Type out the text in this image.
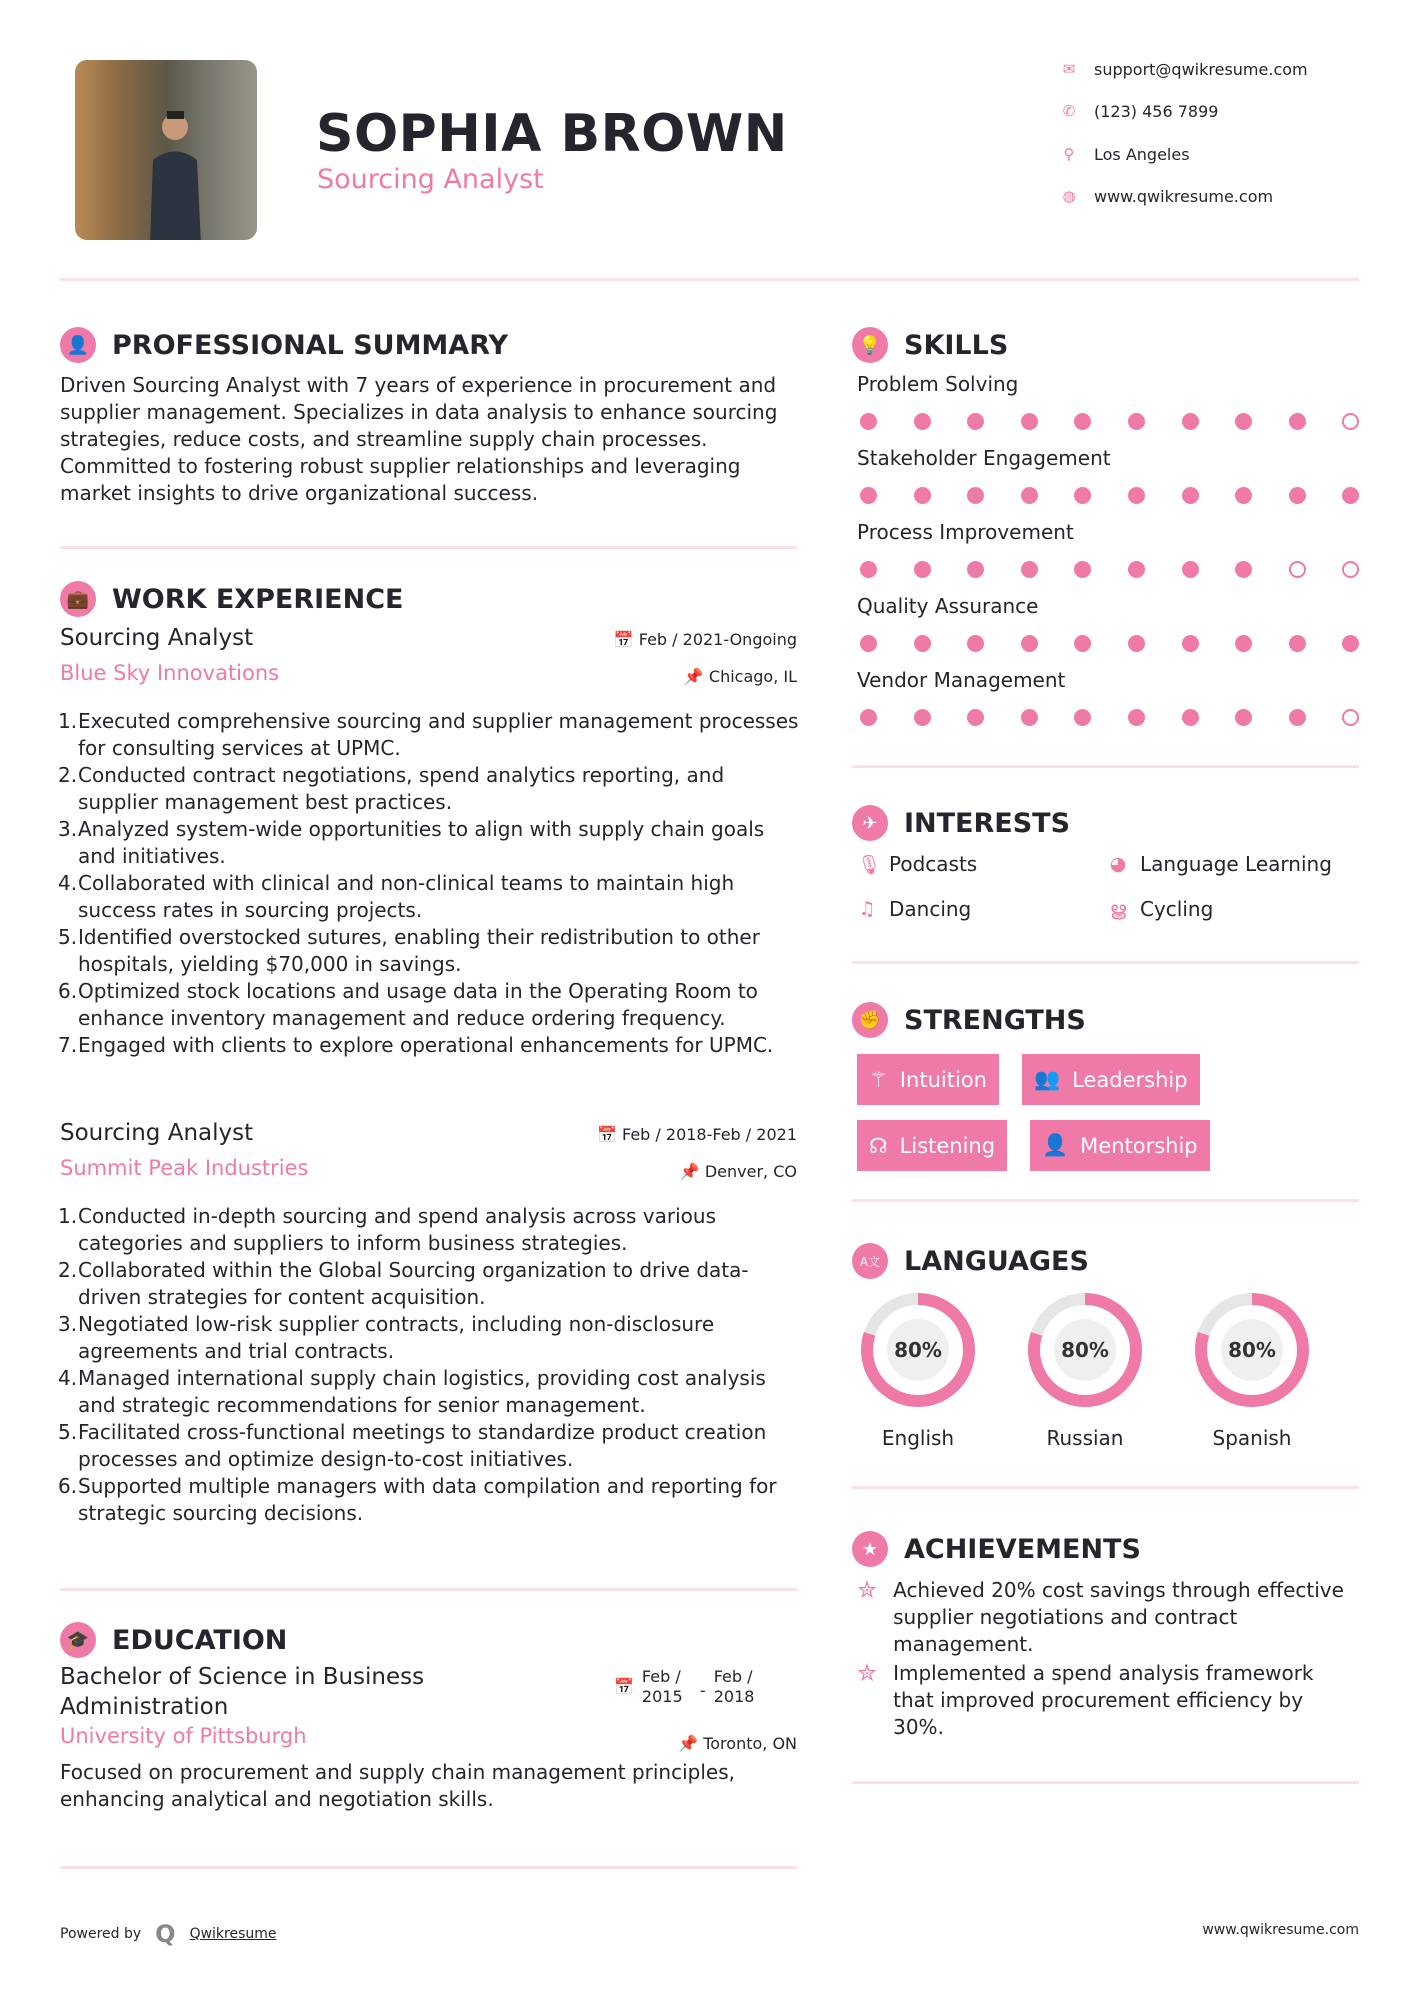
SOPHIA BROWN
Sourcing Analyst
✉ support@qwikresume.com
✆ (123) 456 7899
⚲	Los Angeles
◍ www.qwikresume.com
👤 PROFESSIONAL SUMMARY
Driven Sourcing Analyst with 7 years of experience in procurement and supplier management. Specializes in data analysis to enhance sourcing strategies, reduce costs, and streamline supply chain processes. Committed to fostering robust supplier relationships and leveraging market insights to drive organizational success.
💼 WORK EXPERIENCE
Sourcing Analyst	📅 Feb / 2021-Ongoing
Blue Sky Innovations	📌 Chicago, IL
1. Executed comprehensive sourcing and supplier management processes for consulting services at UPMC.
2. Conducted contract negotiations, spend analytics reporting, and supplier management best practices.
3. Analyzed system-wide opportunities to align with supply chain goals and initiatives.
4. Collaborated with clinical and non-clinical teams to maintain high success rates in sourcing projects.
5. Identified overstocked sutures, enabling their redistribution to other hospitals, yielding $70,000 in savings.
6. Optimized stock locations and usage data in the Operating Room to enhance inventory management and reduce ordering frequency.
7. Engaged with clients to explore operational enhancements for UPMC.
Sourcing Analyst	📅 Feb / 2018-Feb / 2021
Summit Peak Industries	📌 Denver, CO
1. Conducted in-depth sourcing and spend analysis across various categories and suppliers to inform business strategies.
2. Collaborated within the Global Sourcing organization to drive data-driven strategies for content acquisition.
3. Negotiated low-risk supplier contracts, including non-disclosure agreements and trial contracts.
4. Managed international supply chain logistics, providing cost analysis and strategic recommendations for senior management.
5. Facilitated cross-functional meetings to standardize product creation processes and optimize design-to-cost initiatives.
6. Supported multiple managers with data compilation and reporting for strategic sourcing decisions.
🎓 EDUCATION
Bachelor of Science in Business Administration
📅
Feb / 2015	-
Feb / 2018
University of Pittsburgh	📌 Toronto, ON
Focused on procurement and supply chain management principles, enhancing analytical and negotiation skills.
Powered by Q Qwikresume	www.qwikresume.com
💡 SKILLS
Problem Solving
Stakeholder Engagement
Process Improvement
Quality Assurance
Vendor Management
✈ INTERESTS
🎙 Podcasts	◕ Language Learning
♫ Dancing	ൠ Cycling
✊ STRENGTHS
⚚ Intuition 👥 Leadership
☊ Listening 👤 Mentorship
A文 LANGUAGES
80%
English
80%
Russian
80%
Spanish
★ ACHIEVEMENTS
✮ Achieved 20% cost savings through effective supplier negotiations and contract management.
✮ Implemented a spend analysis framework that improved procurement efficiency by 30%.
